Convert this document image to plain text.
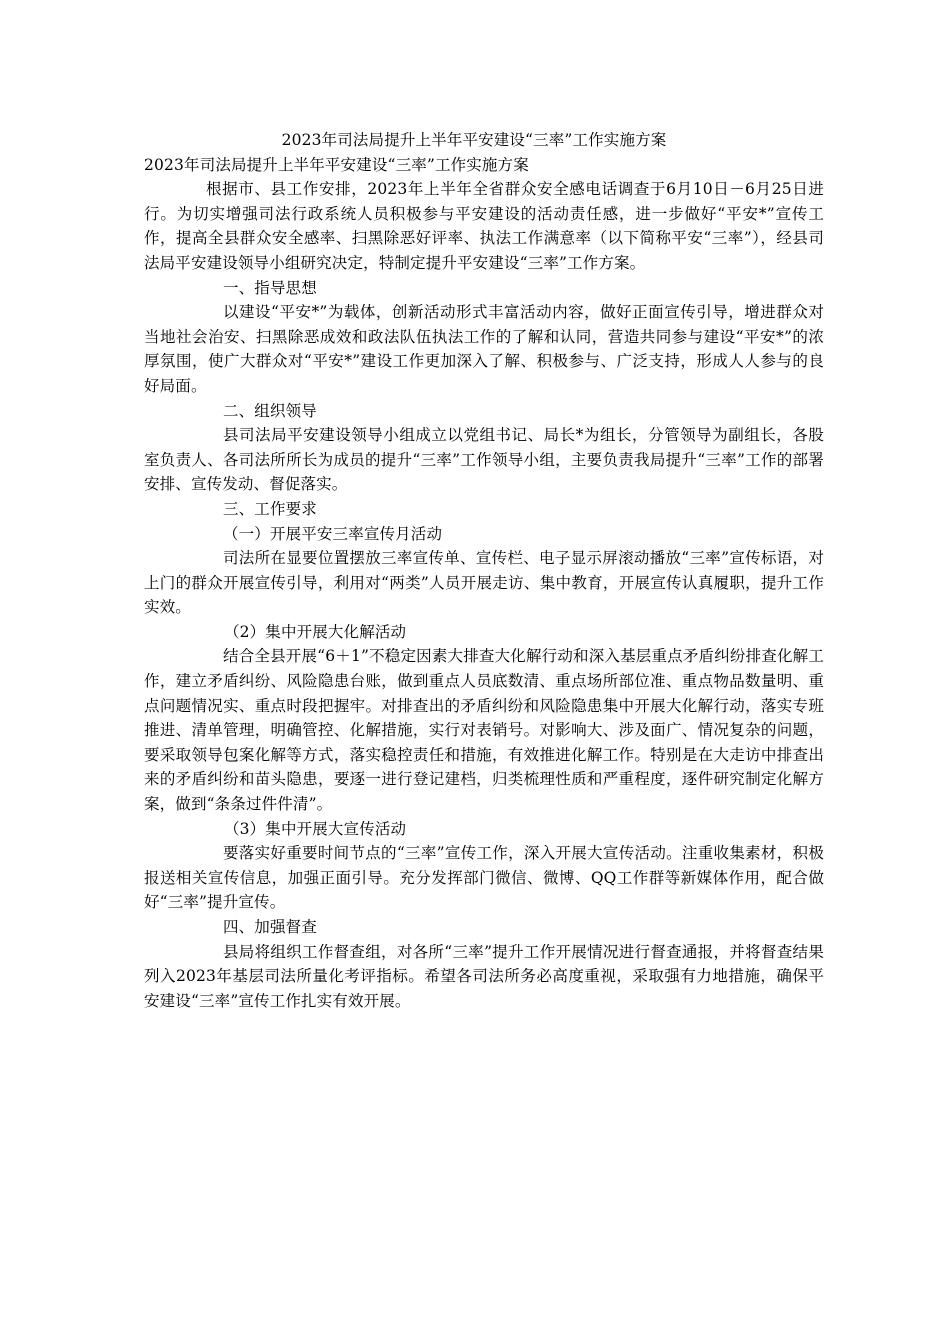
2023年司法局提升上半年平安建设“三率”工作实施方案

2023年司法局提升上半年平安建设“三率”工作实施方案

根据市、县工作安排，2023年上半年全省群众安全感电话调查于6月10日－6月25日进行。为切实增强司法行政系统人员积极参与平安建设的活动责任感，进一步做好“平安*”宣传工作，提高全县群众安全感率、扫黑除恶好评率、执法工作满意率（以下简称平安“三率”），经县司法局平安建设领导小组研究决定，特制定提升平安建设“三率”工作方案。

一、指导思想

以建设“平安*”为载体，创新活动形式丰富活动内容，做好正面宣传引导，增进群众对当地社会治安、扫黑除恶成效和政法队伍执法工作的了解和认同，营造共同参与建设“平安*”的浓厚氛围，使广大群众对“平安*”建设工作更加深入了解、积极参与、广泛支持，形成人人参与的良好局面。

二、组织领导

县司法局平安建设领导小组成立以党组书记、局长*为组长，分管领导为副组长，各股室负责人、各司法所所长为成员的提升“三率”工作领导小组，主要负责我局提升“三率”工作的部署安排、宣传发动、督促落实。

三、工作要求

（一）开展平安三率宣传月活动

司法所在显要位置摆放三率宣传单、宣传栏、电子显示屏滚动播放“三率”宣传标语，对上门的群众开展宣传引导，利用对“两类”人员开展走访、集中教育，开展宣传认真履职，提升工作实效。

（2）集中开展大化解活动

结合全县开展“6＋1”不稳定因素大排查大化解行动和深入基层重点矛盾纠纷排查化解工作，建立矛盾纠纷、风险隐患台账，做到重点人员底数清、重点场所部位准、重点物品数量明、重点问题情况实、重点时段把握牢。对排查出的矛盾纠纷和风险隐患集中开展大化解行动，落实专班推进、清单管理，明确管控、化解措施，实行对表销号。对影响大、涉及面广、情况复杂的问题，要采取领导包案化解等方式，落实稳控责任和措施，有效推进化解工作。特别是在大走访中排查出来的矛盾纠纷和苗头隐患，要逐一进行登记建档，归类梳理性质和严重程度，逐件研究制定化解方案，做到“条条过件件清”。

（3）集中开展大宣传活动

要落实好重要时间节点的“三率”宣传工作，深入开展大宣传活动。注重收集素材，积极报送相关宣传信息，加强正面引导。充分发挥部门微信、微博、QQ工作群等新媒体作用，配合做好“三率”提升宣传。

四、加强督查

县局将组织工作督查组，对各所“三率”提升工作开展情况进行督查通报，并将督查结果列入2023年基层司法所量化考评指标。希望各司法所务必高度重视，采取强有力地措施，确保平安建设“三率”宣传工作扎实有效开展。
